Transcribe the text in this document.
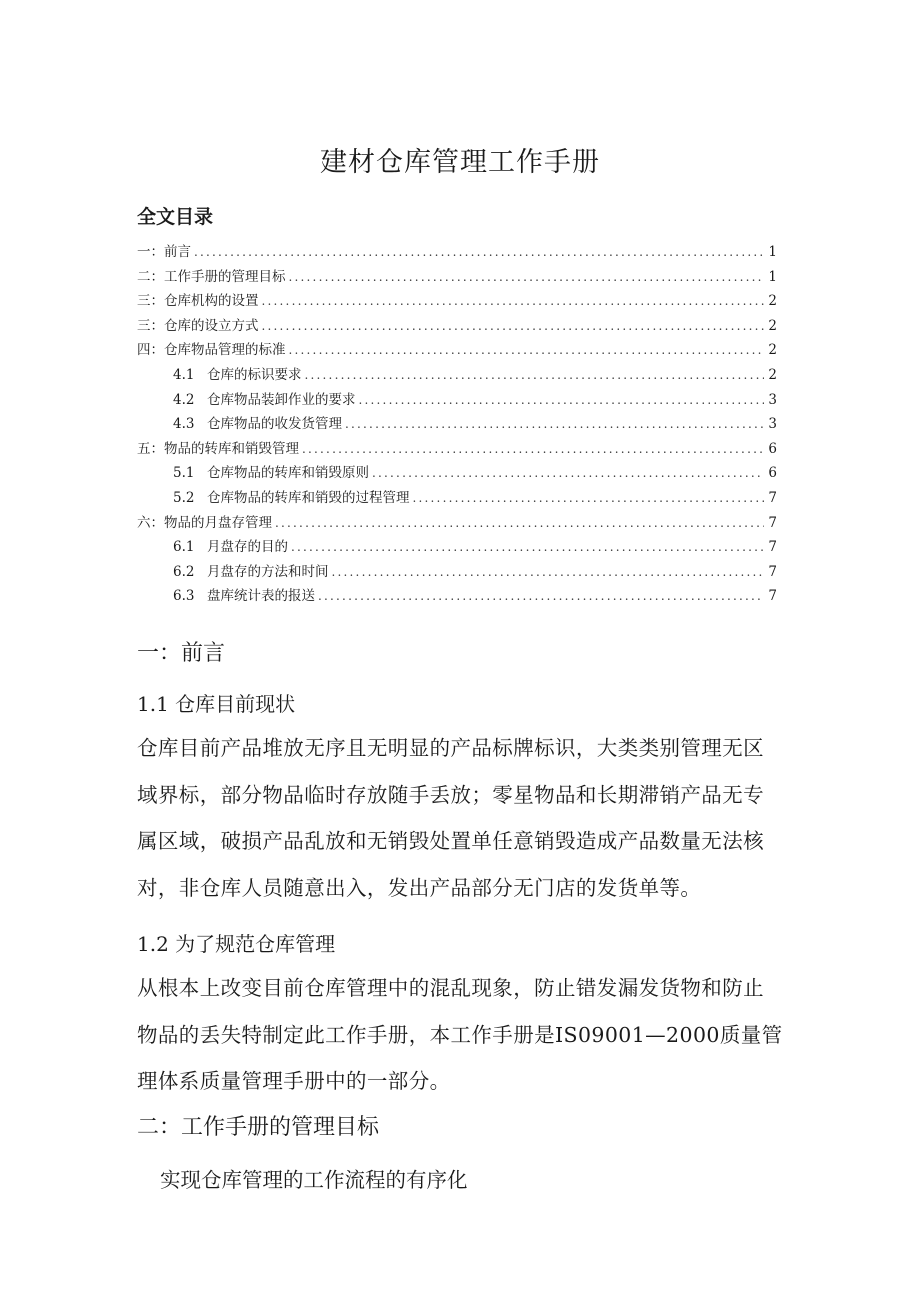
建材仓库管理工作手册
全文目录
一：前言 .....	1
二：工作手册的管理目标 .....	1
三：仓库机构的设置 .....	2
三：仓库的设立方式 .....	2
四：仓库物品管理的标准 .....	2
4.1 仓库的标识要求 .....	2
4.2 仓库物品装卸作业的要求 .....	3
4.3 仓库物品的收发货管理 .....	3
五：物品的转库和销毁管理 .....	6
5.1 仓库物品的转库和销毁原则 .....	6
5.2 仓库物品的转库和销毁的过程管理 .....	7
六：物品的月盘存管理 .....	7
6.1 月盘存的目的 .....	7
6.2 月盘存的方法和时间 .....	7
6.3 盘库统计表的报送 .....	7
一：前言
1.1 仓库目前现状
仓库目前产品堆放无序且无明显的产品标牌标识，大类类别管理无区
域界标，部分物品临时存放随手丢放；零星物品和长期滞销产品无专
属区域，破损产品乱放和无销毁处置单任意销毁造成产品数量无法核
对，非仓库人员随意出入，发出产品部分无门店的发货单等。
1.2 为了规范仓库管理
从根本上改变目前仓库管理中的混乱现象，防止错发漏发货物和防止
物品的丢失特制定此工作手册，本工作手册是IS09001—2000质量管
理体系质量管理手册中的一部分。
二：工作手册的管理目标
实现仓库管理的工作流程的有序化
